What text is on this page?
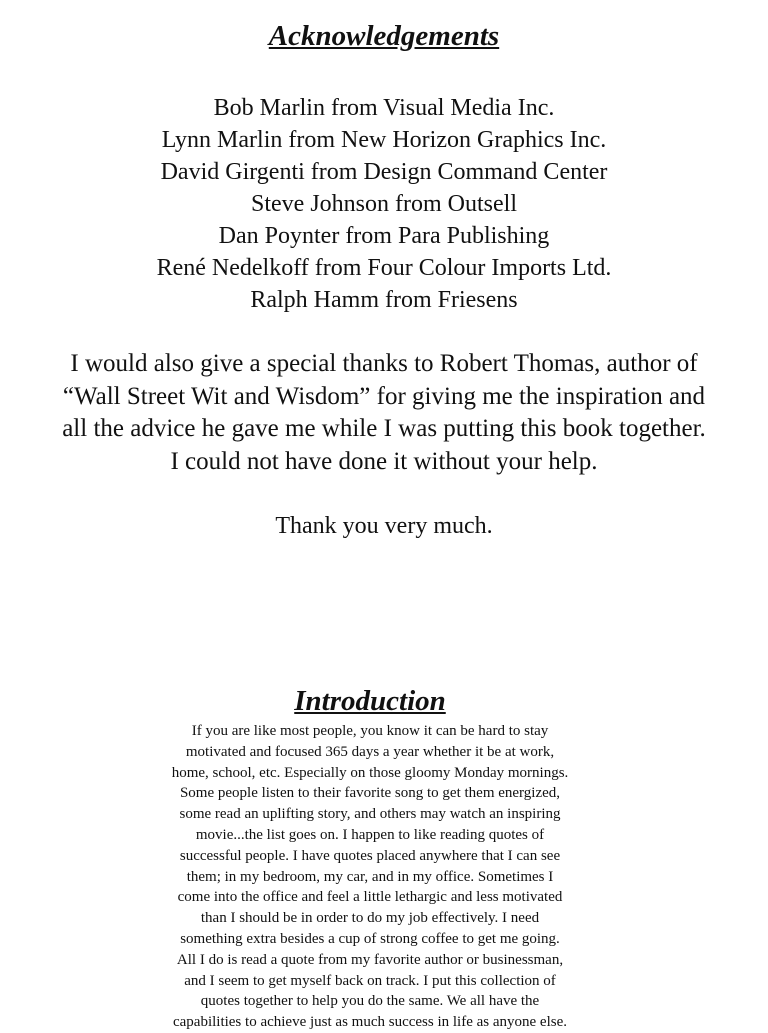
Acknowledgements
Bob Marlin from Visual Media Inc.
Lynn Marlin from New Horizon Graphics Inc.
David Girgenti from Design Command Center
Steve Johnson from Outsell
Dan Poynter from Para Publishing
René Nedelkoff from Four Colour Imports Ltd.
Ralph Hamm from Friesens
I would also give a special thanks to Robert Thomas, author of
“Wall Street Wit and Wisdom” for giving me the inspiration and
all the advice he gave me while I was putting this book together.
I could not have done it without your help.
Thank you very much.
Introduction
If you are like most people, you know it can be hard to stay
motivated and focused 365 days a year whether it be at work,
home, school, etc. Especially on those gloomy Monday mornings.
Some people listen to their favorite song to get them energized,
some read an uplifting story, and others may watch an inspiring
movie...the list goes on. I happen to like reading quotes of
successful people. I have quotes placed anywhere that I can see
them; in my bedroom, my car, and in my office. Sometimes I
come into the office and feel a little lethargic and less motivated
than I should be in order to do my job effectively. I need
something extra besides a cup of strong coffee to get me going.
All I do is read a quote from my favorite author or businessman,
and I seem to get myself back on track. I put this collection of
quotes together to help you do the same. We all have the
capabilities to achieve just as much success in life as anyone else.
